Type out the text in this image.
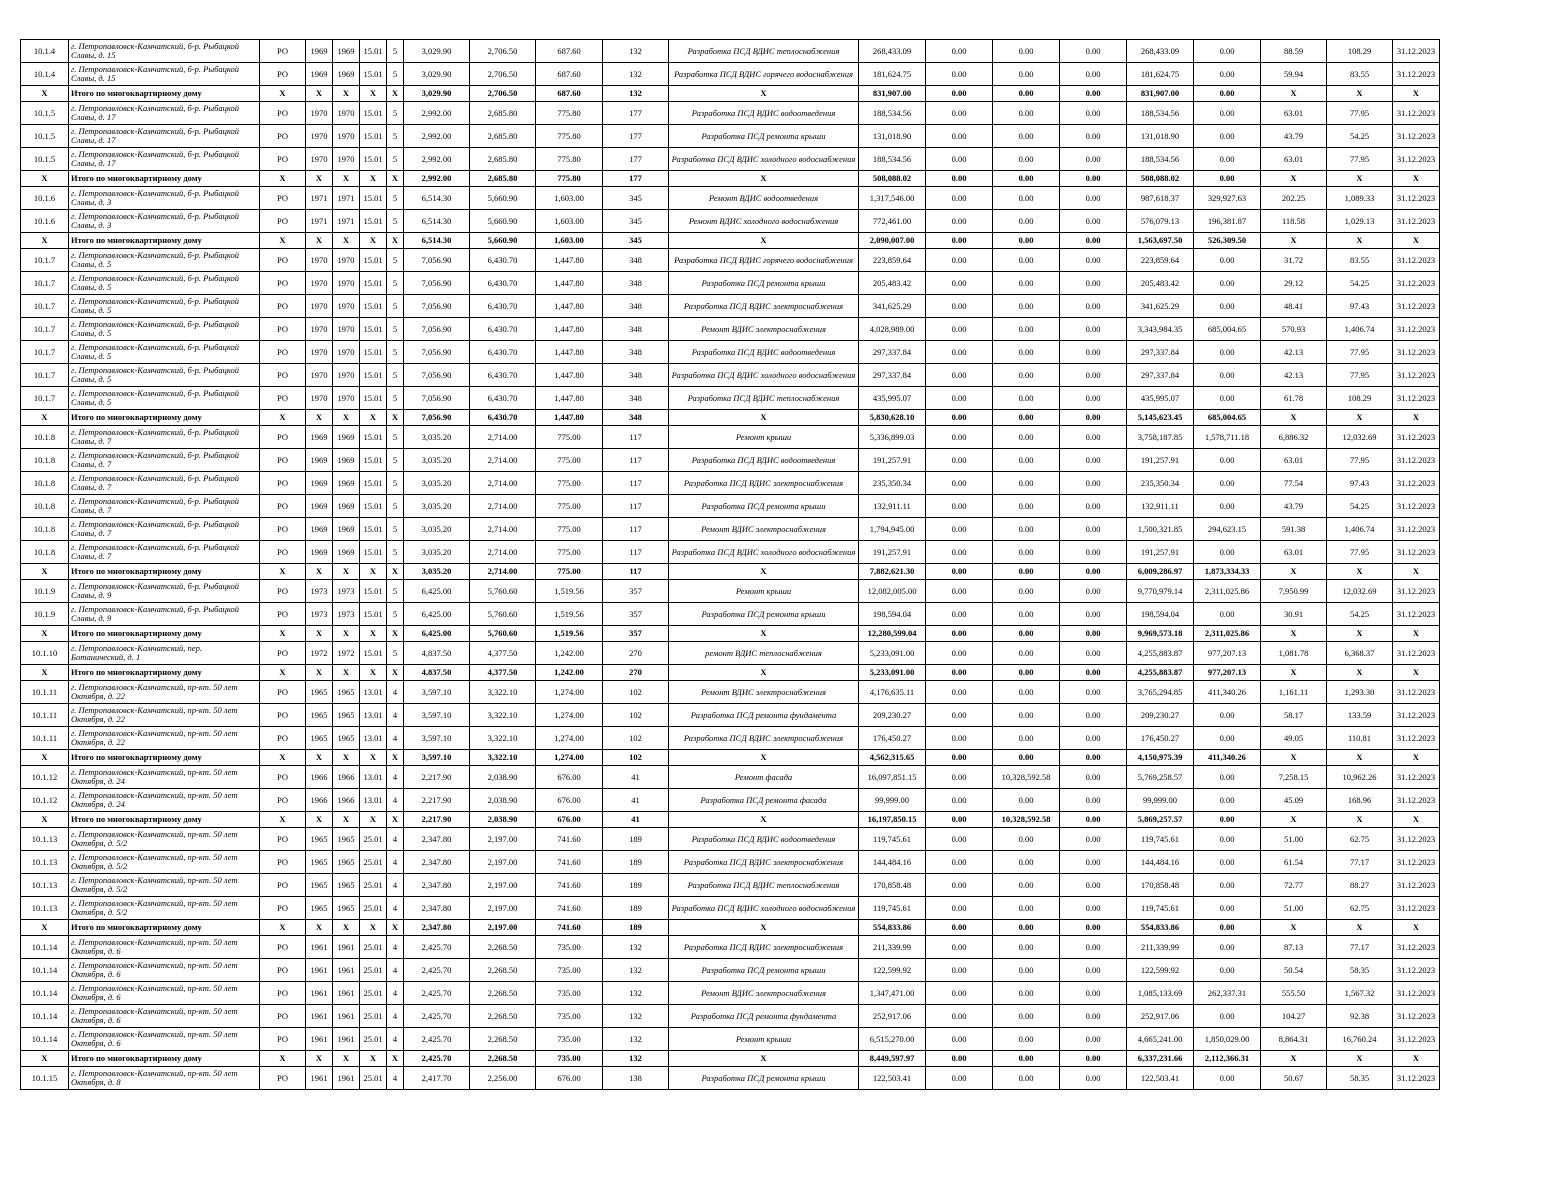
10.1.4	г. Петропавловск-Камчатский, б-р. Рыбацкой Славы, д. 15	РО	1969	1969	15.01	5	3,029.90	2,706.50	687.60	132	Разработка ПСД ВДИС теплоснабжения	268,433.09	0.00	0.00	0.00	268,433.09	0.00	88.59	108.29	31.12.2023
10.1.4	г. Петропавловск-Камчатский, б-р. Рыбацкой Славы, д. 15	РО	1969	1969	15.01	5	3,029.90	2,706.50	687.60	132	Разработка ПСД ВДИС горячего водоснабжения	181,624.75	0.00	0.00	0.00	181,624.75	0.00	59.94	83.55	31.12.2023
X	Итого по многоквартирному дому	X	X	X	X	X	3,029.90	2,706.50	687.60	132	X	831,907.00	0.00	0.00	0.00	831,907.00	0.00	X	X	X
10.1.5	г. Петропавловск-Камчатский, б-р. Рыбацкой Славы, д. 17	РО	1970	1970	15.01	5	2,992.00	2,685.80	775.80	177	Разработка ПСД ВДИС водоотведения	188,534.56	0.00	0.00	0.00	188,534.56	0.00	63.01	77.95	31.12.2023
10.1.5	г. Петропавловск-Камчатский, б-р. Рыбацкой Славы, д. 17	РО	1970	1970	15.01	5	2,992.00	2,685.80	775.80	177	Разработка ПСД ремонта крыши	131,018.90	0.00	0.00	0.00	131,018.90	0.00	43.79	54.25	31.12.2023
10.1.5	г. Петропавловск-Камчатский, б-р. Рыбацкой Славы, д. 17	РО	1970	1970	15.01	5	2,992.00	2,685.80	775.80	177	Разработка ПСД ВДИС холодного водоснабжения	188,534.56	0.00	0.00	0.00	188,534.56	0.00	63.01	77.95	31.12.2023
X	Итого по многоквартирному дому	X	X	X	X	X	2,992.00	2,685.80	775.80	177	X	508,088.02	0.00	0.00	0.00	508,088.02	0.00	X	X	X
10.1.6	г. Петропавловск-Камчатский, б-р. Рыбацкой Славы, д. 3	РО	1971	1971	15.01	5	6,514.30	5,660.90	1,603.00	345	Ремонт ВДИС водоотведения	1,317,546.00	0.00	0.00	0.00	987,618.37	329,927.63	202.25	1,089.33	31.12.2023
10.1.6	г. Петропавловск-Камчатский, б-р. Рыбацкой Славы, д. 3	РО	1971	1971	15.01	5	6,514.30	5,660.90	1,603.00	345	Ремонт ВДИС холодного водоснабжения	772,461.00	0.00	0.00	0.00	576,079.13	196,381.87	118.58	1,029.13	31.12.2023
X	Итого по многоквартирному дому	X	X	X	X	X	6,514.30	5,660.90	1,603.00	345	X	2,090,007.00	0.00	0.00	0.00	1,563,697.50	526,309.50	X	X	X
10.1.7	г. Петропавловск-Камчатский, б-р. Рыбацкой Славы, д. 5	РО	1970	1970	15.01	5	7,056.90	6,430.70	1,447.80	348	Разработка ПСД ВДИС горячего водоснабжения	223,859.64	0.00	0.00	0.00	223,859.64	0.00	31.72	83.55	31.12.2023
10.1.7	г. Петропавловск-Камчатский, б-р. Рыбацкой Славы, д. 5	РО	1970	1970	15.01	5	7,056.90	6,430.70	1,447.80	348	Разработка ПСД ремонта крыши	205,483.42	0.00	0.00	0.00	205,483.42	0.00	29.12	54.25	31.12.2023
10.1.7	г. Петропавловск-Камчатский, б-р. Рыбацкой Славы, д. 5	РО	1970	1970	15.01	5	7,056.90	6,430.70	1,447.80	348	Разработка ПСД ВДИС электроснабжения	341,625.29	0.00	0.00	0.00	341,625.29	0.00	48.41	97.43	31.12.2023
10.1.7	г. Петропавловск-Камчатский, б-р. Рыбацкой Славы, д. 5	РО	1970	1970	15.01	5	7,056.90	6,430.70	1,447.80	348	Ремонт ВДИС электроснабжения	4,028,989.00	0.00	0.00	0.00	3,343,984.35	685,004.65	570.93	1,406.74	31.12.2023
10.1.7	г. Петропавловск-Камчатский, б-р. Рыбацкой Славы, д. 5	РО	1970	1970	15.01	5	7,056.90	6,430.70	1,447.80	348	Разработка ПСД ВДИС водоотведения	297,337.84	0.00	0.00	0.00	297,337.84	0.00	42.13	77.95	31.12.2023
10.1.7	г. Петропавловск-Камчатский, б-р. Рыбацкой Славы, д. 5	РО	1970	1970	15.01	5	7,056.90	6,430.70	1,447.80	348	Разработка ПСД ВДИС холодного водоснабжения	297,337.84	0.00	0.00	0.00	297,337.84	0.00	42.13	77.95	31.12.2023
10.1.7	г. Петропавловск-Камчатский, б-р. Рыбацкой Славы, д. 5	РО	1970	1970	15.01	5	7,056.90	6,430.70	1,447.80	348	Разработка ПСД ВДИС теплоснабжения	435,995.07	0.00	0.00	0.00	435,995.07	0.00	61.78	108.29	31.12.2023
X	Итого по многоквартирному дому	X	X	X	X	X	7,056.90	6,430.70	1,447.80	348	X	5,830,628.10	0.00	0.00	0.00	5,145,623.45	685,004.65	X	X	X
10.1.8	г. Петропавловск-Камчатский, б-р. Рыбацкой Славы, д. 7	РО	1969	1969	15.01	5	3,035.20	2,714.00	775.00	117	Ремонт крыши	5,336,899.03	0.00	0.00	0.00	3,758,187.85	1,578,711.18	6,886.32	12,032.69	31.12.2023
10.1.8	г. Петропавловск-Камчатский, б-р. Рыбацкой Славы, д. 7	РО	1969	1969	15.01	5	3,035.20	2,714.00	775.00	117	Разработка ПСД ВДИС водоотведения	191,257.91	0.00	0.00	0.00	191,257.91	0.00	63.01	77.95	31.12.2023
10.1.8	г. Петропавловск-Камчатский, б-р. Рыбацкой Славы, д. 7	РО	1969	1969	15.01	5	3,035.20	2,714.00	775.00	117	Разработка ПСД ВДИС электроснабжения	235,350.34	0.00	0.00	0.00	235,350.34	0.00	77.54	97.43	31.12.2023
10.1.8	г. Петропавловск-Камчатский, б-р. Рыбацкой Славы, д. 7	РО	1969	1969	15.01	5	3,035.20	2,714.00	775.00	117	Разработка ПСД ремонта крыши	132,911.11	0.00	0.00	0.00	132,911.11	0.00	43.79	54.25	31.12.2023
10.1.8	г. Петропавловск-Камчатский, б-р. Рыбацкой Славы, д. 7	РО	1969	1969	15.01	5	3,035.20	2,714.00	775.00	117	Ремонт ВДИС электроснабжения	1,794,945.00	0.00	0.00	0.00	1,500,321.85	294,623.15	591.38	1,406.74	31.12.2023
10.1.8	г. Петропавловск-Камчатский, б-р. Рыбацкой Славы, д. 7	РО	1969	1969	15.01	5	3,035.20	2,714.00	775.00	117	Разработка ПСД ВДИС холодного водоснабжения	191,257.91	0.00	0.00	0.00	191,257.91	0.00	63.01	77.95	31.12.2023
X	Итого по многоквартирному дому	X	X	X	X	X	3,035.20	2,714.00	775.00	117	X	7,882,621.30	0.00	0.00	0.00	6,009,286.97	1,873,334.33	X	X	X
10.1.9	г. Петропавловск-Камчатский, б-р. Рыбацкой Славы, д. 9	РО	1973	1973	15.01	5	6,425.00	5,760.60	1,519.56	357	Ремонт крыши	12,082,005.00	0.00	0.00	0.00	9,770,979.14	2,311,025.86	7,950.99	12,032.69	31.12.2023
10.1.9	г. Петропавловск-Камчатский, б-р. Рыбацкой Славы, д. 9	РО	1973	1973	15.01	5	6,425.00	5,760.60	1,519.56	357	Разработка ПСД ремонта крыши	198,594.04	0.00	0.00	0.00	198,594.04	0.00	30.91	54.25	31.12.2023
X	Итого по многоквартирному дому	X	X	X	X	X	6,425.00	5,760.60	1,519.56	357	X	12,280,599.04	0.00	0.00	0.00	9,969,573.18	2,311,025.86	X	X	X
10.1.10	г. Петропавловск-Камчатский, пер. Ботанический, д. 1	РО	1972	1972	15.01	5	4,837.50	4,377.50	1,242.00	270	ремонт ВДИС теплоснабжения	5,233,091.00	0.00	0.00	0.00	4,255,883.87	977,207.13	1,081.78	6,368.37	31.12.2023
X	Итого по многоквартирному дому	X	X	X	X	X	4,837.50	4,377.50	1,242.00	270	X	5,233,091.00	0.00	0.00	0.00	4,255,883.87	977,207.13	X	X	X
10.1.11	г. Петропавловск-Камчатский, пр-кт. 50 лет Октября, д. 22	РО	1965	1965	13.01	4	3,597.10	3,322.10	1,274.00	102	Ремонт ВДИС электроснабжения	4,176,635.11	0.00	0.00	0.00	3,765,294.85	411,340.26	1,161.11	1,293.30	31.12.2023
10.1.11	г. Петропавловск-Камчатский, пр-кт. 50 лет Октября, д. 22	РО	1965	1965	13.01	4	3,597.10	3,322.10	1,274.00	102	Разработка ПСД ремонта фундамента	209,230.27	0.00	0.00	0.00	209,230.27	0.00	58.17	133.59	31.12.2023
10.1.11	г. Петропавловск-Камчатский, пр-кт. 50 лет Октября, д. 22	РО	1965	1965	13.01	4	3,597.10	3,322.10	1,274.00	102	Разработка ПСД ВДИС электроснабжения	176,450.27	0.00	0.00	0.00	176,450.27	0.00	49.05	110.81	31.12.2023
X	Итого по многоквартирному дому	X	X	X	X	X	3,597.10	3,322.10	1,274.00	102	X	4,562,315.65	0.00	0.00	0.00	4,150,975.39	411,340.26	X	X	X
10.1.12	г. Петропавловск-Камчатский, пр-кт. 50 лет Октября, д. 24	РО	1966	1966	13.01	4	2,217.90	2,038.90	676.00	41	Ремонт фасада	16,097,851.15	0.00	10,328,592.58	0.00	5,769,258.57	0.00	7,258.15	10,962.26	31.12.2023
10.1.12	г. Петропавловск-Камчатский, пр-кт. 50 лет Октября, д. 24	РО	1966	1966	13.01	4	2,217.90	2,038.90	676.00	41	Разработка ПСД ремонта фасада	99,999.00	0.00	0.00	0.00	99,999.00	0.00	45.09	168.96	31.12.2023
X	Итого по многоквартирному дому	X	X	X	X	X	2,217.90	2,038.90	676.00	41	X	16,197,850.15	0.00	10,328,592.58	0.00	5,869,257.57	0.00	X	X	X
10.1.13	г. Петропавловск-Камчатский, пр-кт. 50 лет Октября, д. 5/2	РО	1965	1965	25.01	4	2,347.80	2,197.00	741.60	189	Разработка ПСД ВДИС водоотведения	119,745.61	0.00	0.00	0.00	119,745.61	0.00	51.00	62.75	31.12.2023
10.1.13	г. Петропавловск-Камчатский, пр-кт. 50 лет Октября, д. 5/2	РО	1965	1965	25.01	4	2,347.80	2,197.00	741.60	189	Разработка ПСД ВДИС электроснабжения	144,484.16	0.00	0.00	0.00	144,484.16	0.00	61.54	77.17	31.12.2023
10.1.13	г. Петропавловск-Камчатский, пр-кт. 50 лет Октября, д. 5/2	РО	1965	1965	25.01	4	2,347.80	2,197.00	741.60	189	Разработка ПСД ВДИС теплоснабжения	170,858.48	0.00	0.00	0.00	170,858.48	0.00	72.77	88.27	31.12.2023
10.1.13	г. Петропавловск-Камчатский, пр-кт. 50 лет Октября, д. 5/2	РО	1965	1965	25.01	4	2,347.80	2,197.00	741.60	189	Разработка ПСД ВДИС холодного водоснабжения	119,745.61	0.00	0.00	0.00	119,745.61	0.00	51.00	62.75	31.12.2023
X	Итого по многоквартирному дому	X	X	X	X	X	2,347.80	2,197.00	741.60	189	X	554,833.86	0.00	0.00	0.00	554,833.86	0.00	X	X	X
10.1.14	г. Петропавловск-Камчатский, пр-кт. 50 лет Октября, д. 6	РО	1961	1961	25.01	4	2,425.70	2,268.50	735.00	132	Разработка ПСД ВДИС электроснабжения	211,339.99	0.00	0.00	0.00	211,339.99	0.00	87.13	77.17	31.12.2023
10.1.14	г. Петропавловск-Камчатский, пр-кт. 50 лет Октября, д. 6	РО	1961	1961	25.01	4	2,425.70	2,268.50	735.00	132	Разработка ПСД ремонта крыши	122,599.92	0.00	0.00	0.00	122,599.92	0.00	50.54	58.35	31.12.2023
10.1.14	г. Петропавловск-Камчатский, пр-кт. 50 лет Октября, д. 6	РО	1961	1961	25.01	4	2,425.70	2,268.50	735.00	132	Ремонт ВДИС электроснабжения	1,347,471.00	0.00	0.00	0.00	1,085,133.69	262,337.31	555.50	1,567.32	31.12.2023
10.1.14	г. Петропавловск-Камчатский, пр-кт. 50 лет Октября, д. 6	РО	1961	1961	25.01	4	2,425.70	2,268.50	735.00	132	Разработка ПСД ремонта фундамента	252,917.06	0.00	0.00	0.00	252,917.06	0.00	104.27	92.38	31.12.2023
10.1.14	г. Петропавловск-Камчатский, пр-кт. 50 лет Октября, д. 6	РО	1961	1961	25.01	4	2,425.70	2,268.50	735.00	132	Ремонт крыши	6,515,270.00	0.00	0.00	0.00	4,665,241.00	1,850,029.00	8,864.31	16,760.24	31.12.2023
X	Итого по многоквартирному дому	X	X	X	X	X	2,425.70	2,268.50	735.00	132	X	8,449,597.97	0.00	0.00	0.00	6,337,231.66	2,112,366.31	X	X	X
10.1.15	г. Петропавловск-Камчатский, пр-кт. 50 лет Октября, д. 8	РО	1961	1961	25.01	4	2,417.70	2,256.00	676.00	138	Разработка ПСД ремонта крыши	122,503.41	0.00	0.00	0.00	122,503.41	0.00	50.67	58.35	31.12.2023
